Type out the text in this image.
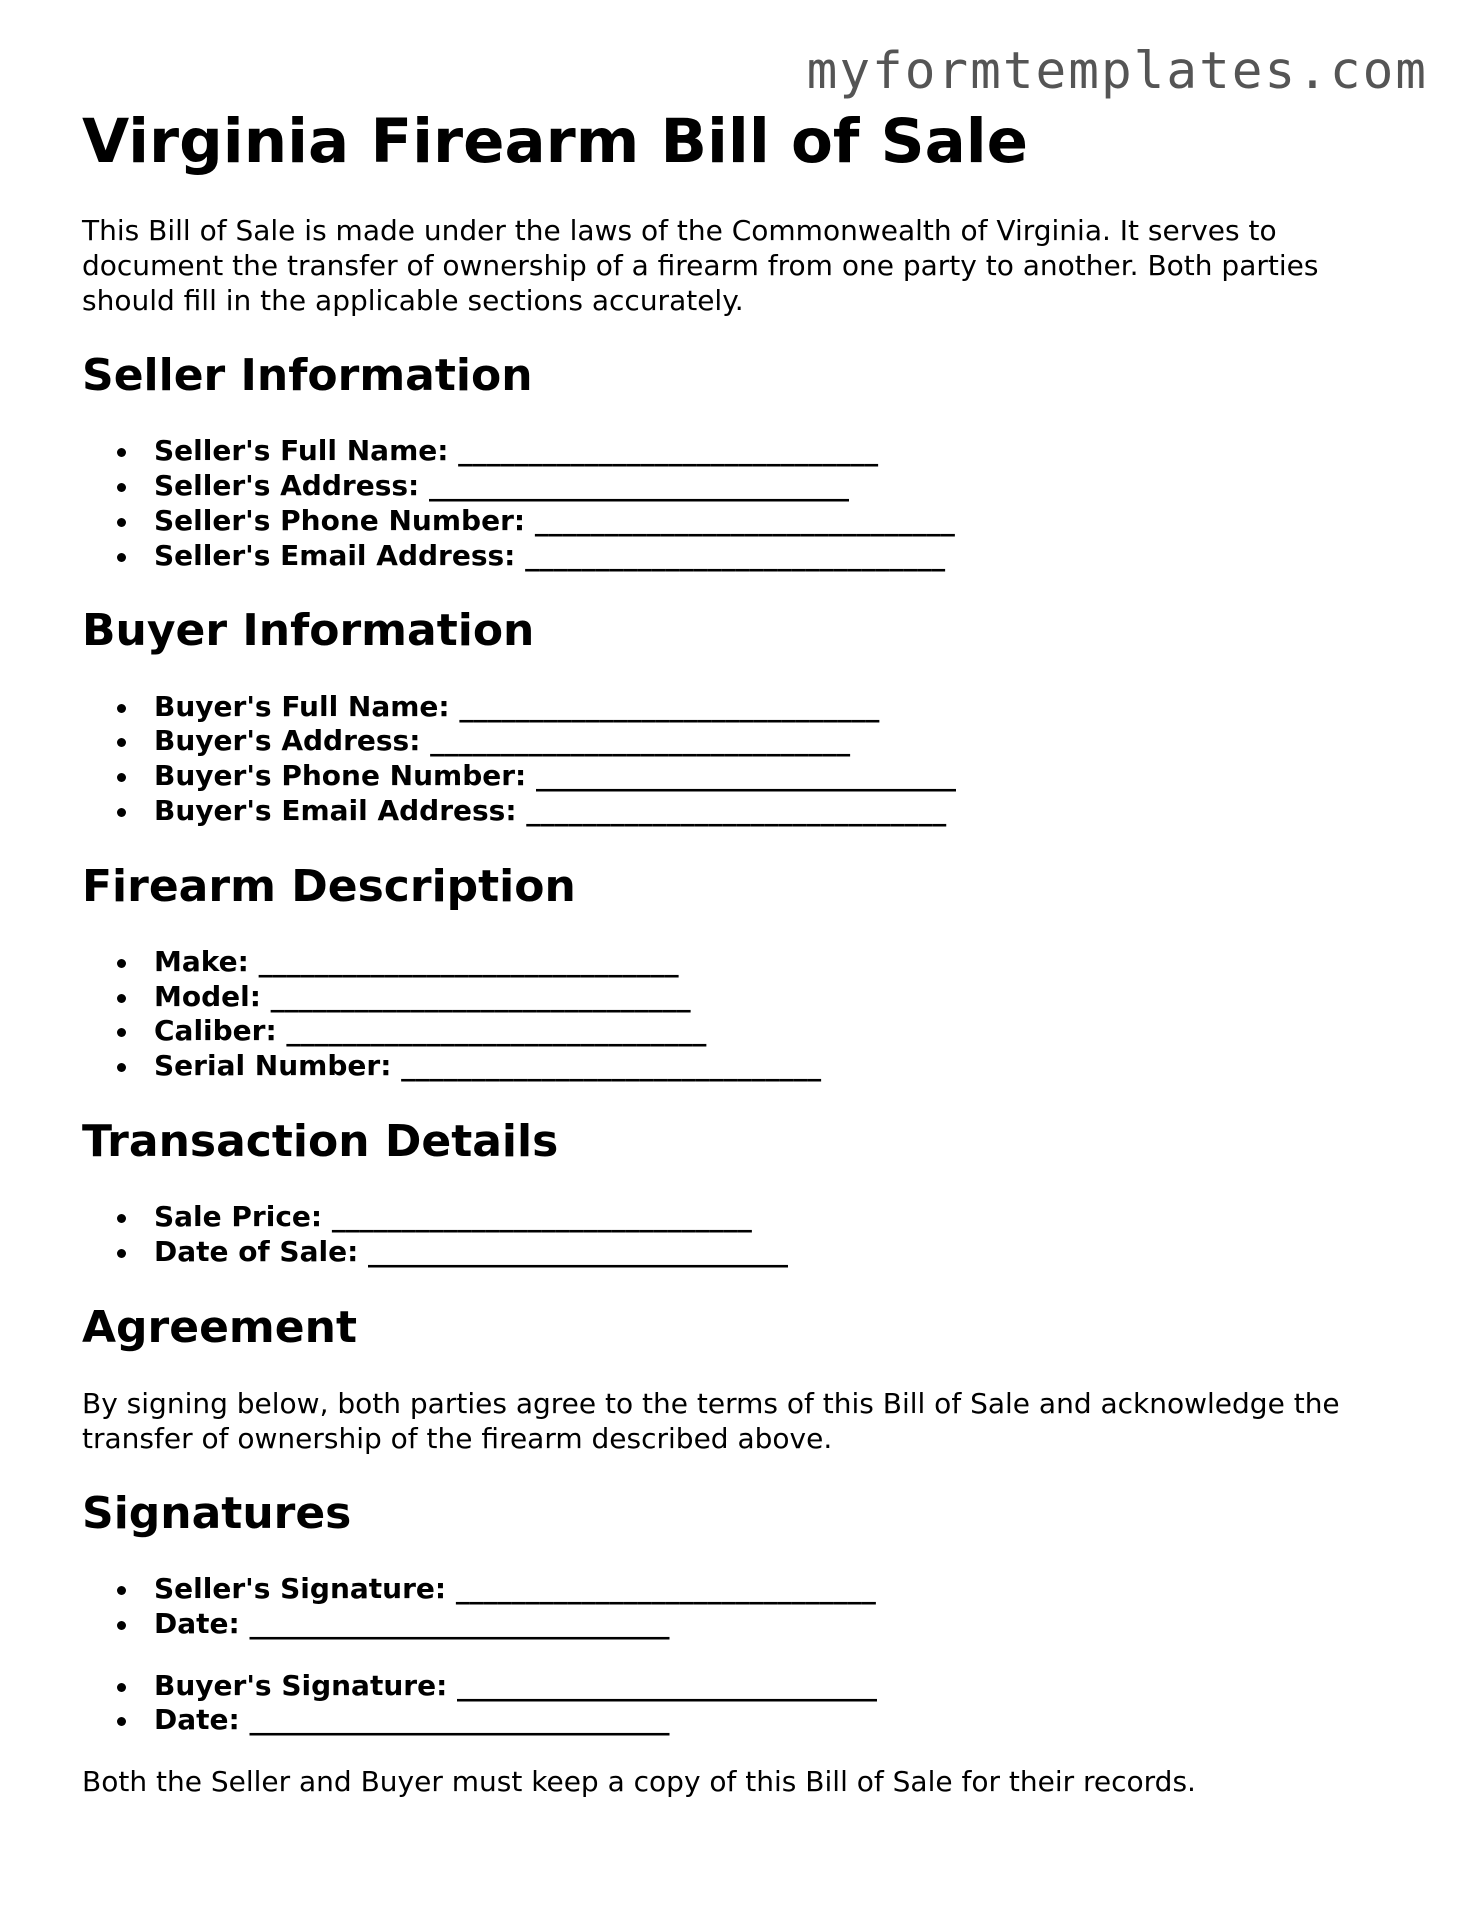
myformtemplates.com
Virginia Firearm Bill of Sale

This Bill of Sale is made under the laws of the Commonwealth of Virginia. It serves to document the transfer of ownership of a firearm from one party to another. Both parties should fill in the applicable sections accurately.

Seller Information
Seller's Full Name: ______________________________
Seller's Address: ______________________________
Seller's Phone Number: ______________________________
Seller's Email Address: ______________________________
Buyer Information
Buyer's Full Name: ______________________________
Buyer's Address: ______________________________
Buyer's Phone Number: ______________________________
Buyer's Email Address: ______________________________
Firearm Description
Make: ______________________________
Model: ______________________________
Caliber: ______________________________
Serial Number: ______________________________
Transaction Details
Sale Price: ______________________________
Date of Sale: ______________________________
Agreement

By signing below, both parties agree to the terms of this Bill of Sale and acknowledge the transfer of ownership of the firearm described above.

Signatures
Seller's Signature: ______________________________
Date: ______________________________
Buyer's Signature: ______________________________
Date: ______________________________

Both the Seller and Buyer must keep a copy of this Bill of Sale for their records.
